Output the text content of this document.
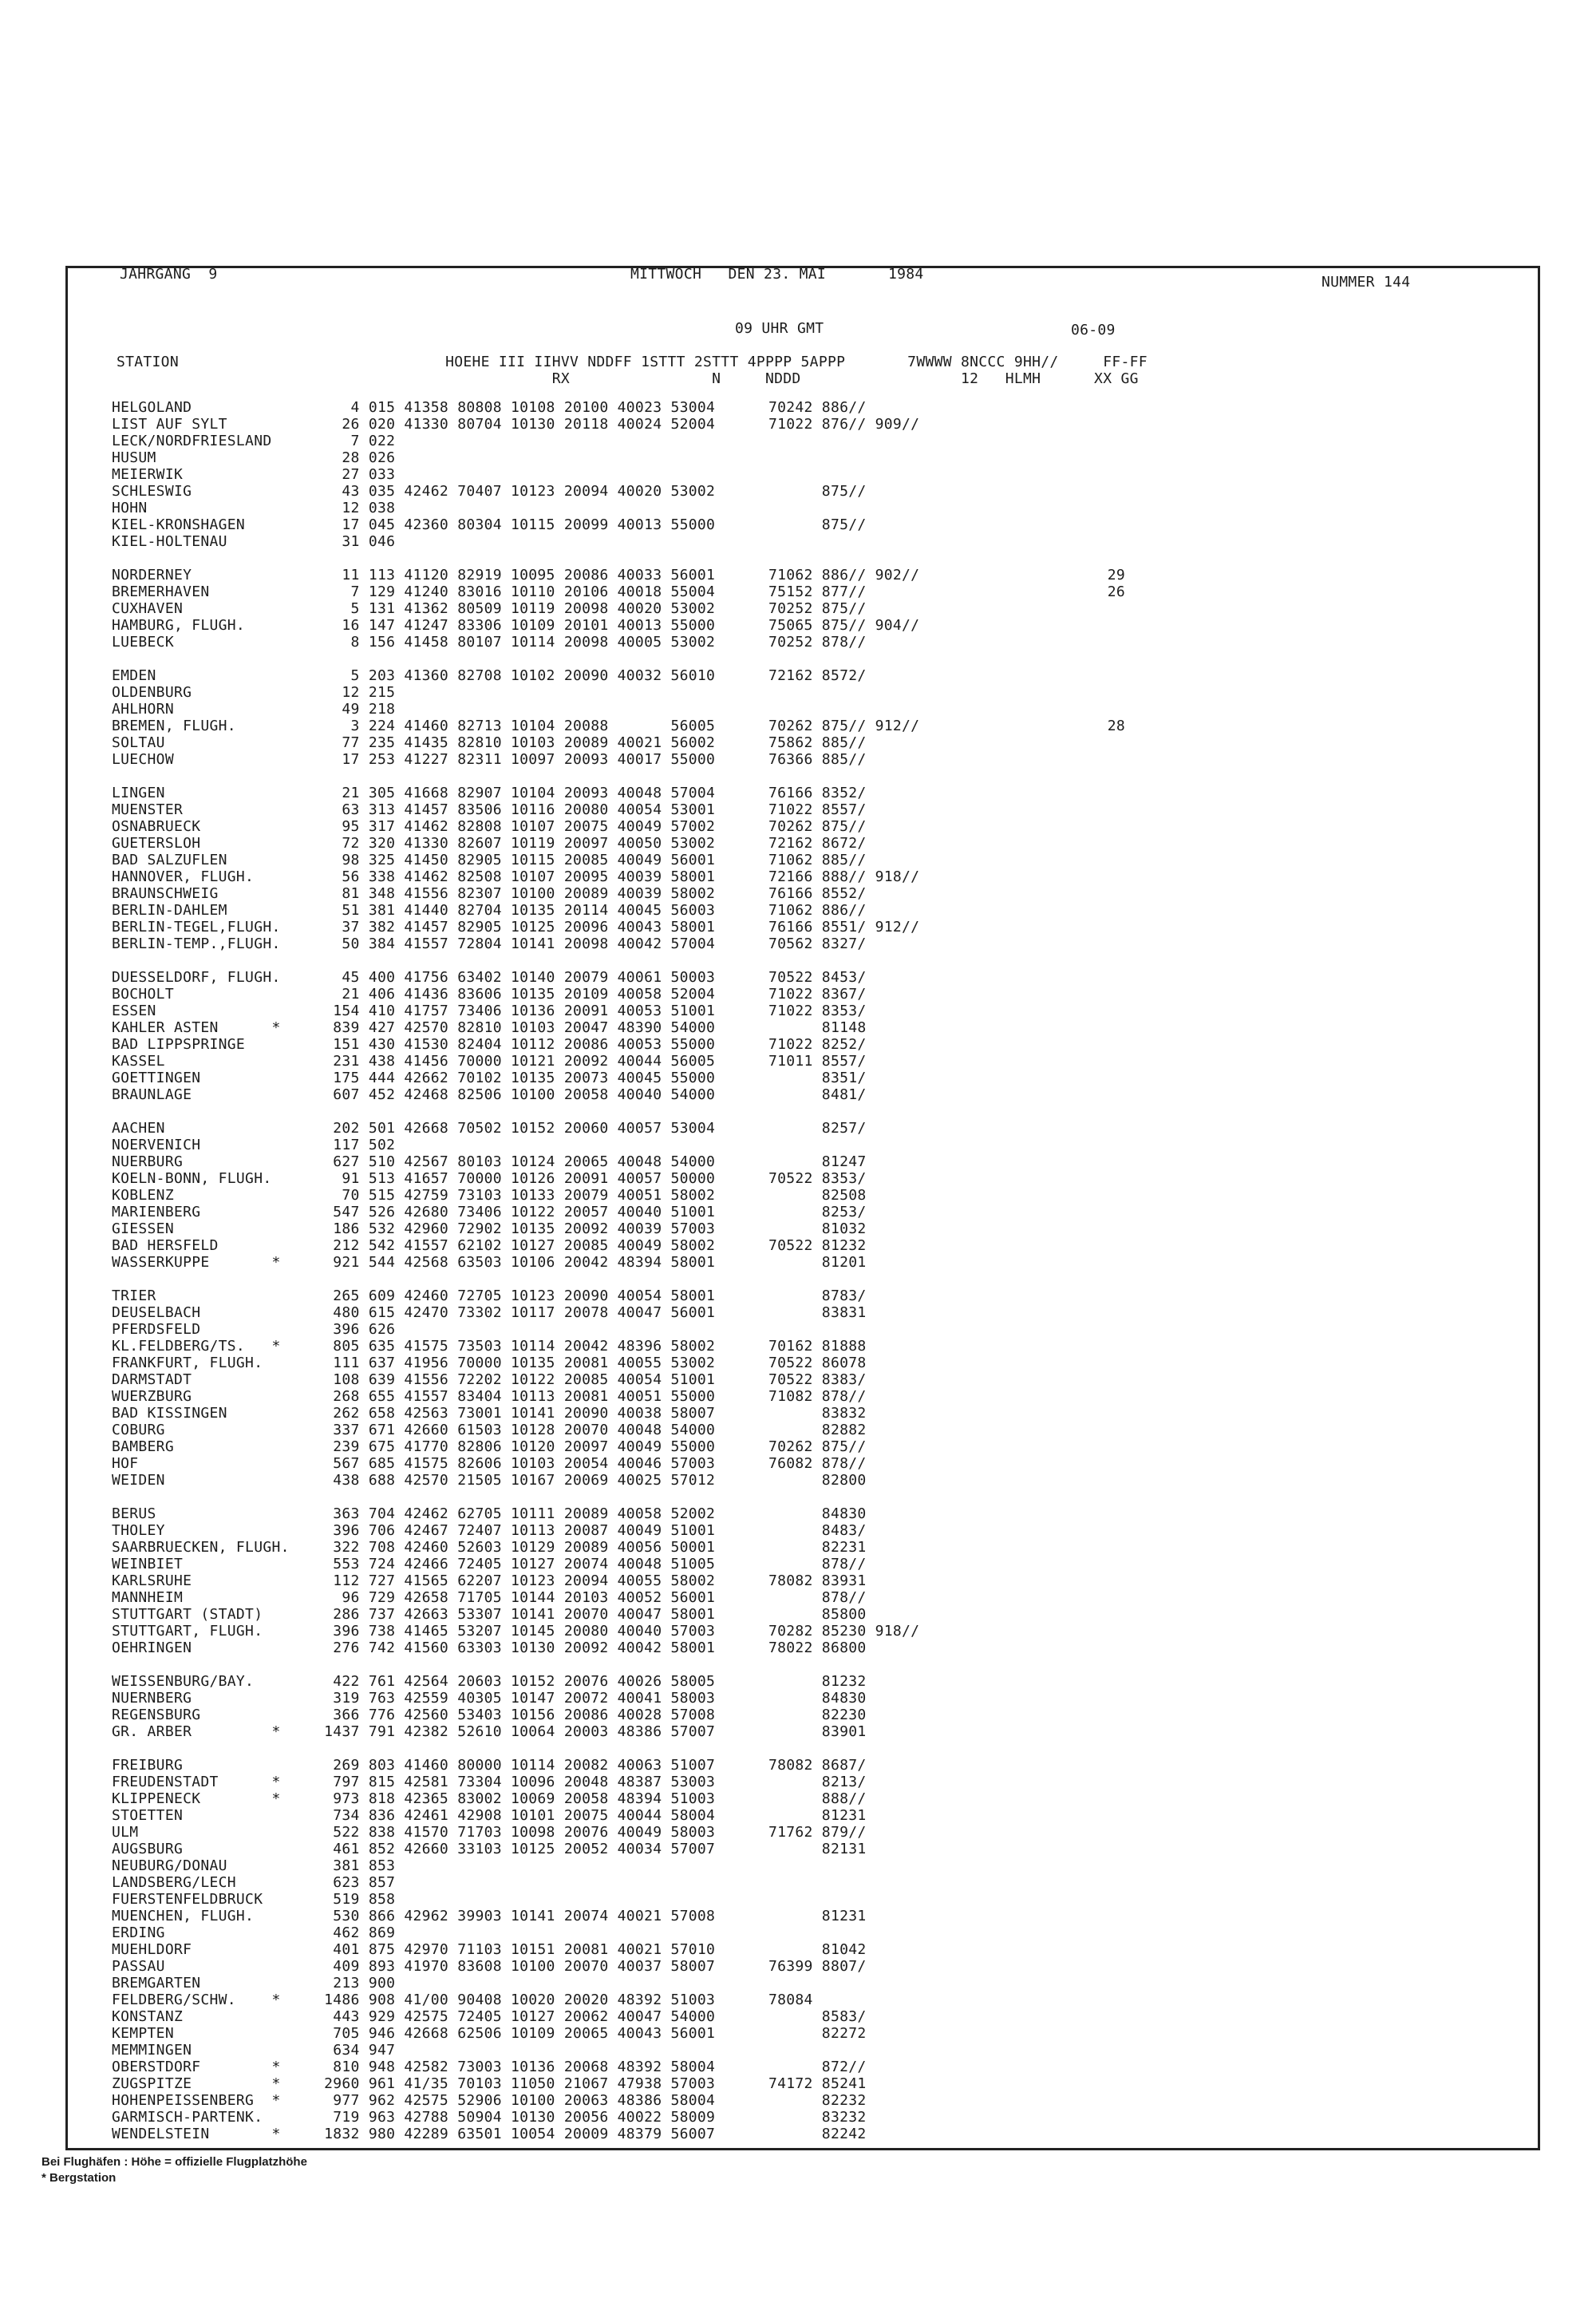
JAHRGANG  9	MITTWOCH   DEN 23. MAI       1984	NUMMER 144
09 UHR GMT	06-09
STATION                              HOEHE III IIHVV NDDFF 1STTT 2STTT 4PPPP 5APPP       7WWWW 8NCCC 9HH//     FF-FF
RX                N     NDDD                  12   HLMH      XX GG
HELGOLAND	4 015 41358 80808 10108 20100 40023 53004      70242 886//
LIST AUF SYLT	26 020 41330 80704 10130 20118 40024 52004      71022 876// 909//
LECK/NORDFRIESLAND	7 022
HUSUM	28 026
MEIERWIK	27 033
SCHLESWIG	43 035 42462 70407 10123 20094 40020 53002            875//
HOHN	12 038
KIEL-KRONSHAGEN	17 045 42360 80304 10115 20099 40013 55000            875//
KIEL-HOLTENAU	31 046
NORDERNEY	11 113 41120 82919 10095 20086 40033 56001      71062 886// 902//	29
BREMERHAVEN	7 129 41240 83016 10110 20106 40018 55004      75152 877//	26
CUXHAVEN	5 131 41362 80509 10119 20098 40020 53002      70252 875//
HAMBURG, FLUGH.	16 147 41247 83306 10109 20101 40013 55000      75065 875// 904//
LUEBECK	8 156 41458 80107 10114 20098 40005 53002      70252 878//
EMDEN	5 203 41360 82708 10102 20090 40032 56010      72162 8572/
OLDENBURG	12 215
AHLHORN	49 218
BREMEN, FLUGH.	3 224 41460 82713 10104 20088       56005      70262 875// 912//	28
SOLTAU	77 235 41435 82810 10103 20089 40021 56002      75862 885//
LUECHOW	17 253 41227 82311 10097 20093 40017 55000      76366 885//
LINGEN	21 305 41668 82907 10104 20093 40048 57004      76166 8352/
MUENSTER	63 313 41457 83506 10116 20080 40054 53001      71022 8557/
OSNABRUECK	95 317 41462 82808 10107 20075 40049 57002      70262 875//
GUETERSLOH	72 320 41330 82607 10119 20097 40050 53002      72162 8672/
BAD SALZUFLEN	98 325 41450 82905 10115 20085 40049 56001      71062 885//
HANNOVER, FLUGH.	56 338 41462 82508 10107 20095 40039 58001      72166 888// 918//
BRAUNSCHWEIG	81 348 41556 82307 10100 20089 40039 58002      76166 8552/
BERLIN-DAHLEM	51 381 41440 82704 10135 20114 40045 56003      71062 886//
BERLIN-TEGEL,FLUGH. 37 382 41457 82905 10125 20096 40043 58001      76166 8551/ 912//
BERLIN-TEMP.,FLUGH. 50 384 41557 72804 10141 20098 40042 57004      70562 8327/
DUESSELDORF, FLUGH. 45 400 41756 63402 10140 20079 40061 50003      70522 8453/
BOCHOLT	21 406 41436 83606 10135 20109 40058 52004      71022 8367/
ESSEN	154 410 41757 73406 10136 20091 40053 51001      71022 8353/
KAHLER ASTEN      * 839 427 42570 82810 10103 20047 48390 54000            81148
BAD LIPPSPRINGE	151 430 41530 82404 10112 20086 40053 55000      71022 8252/
KASSEL	231 438 41456 70000 10121 20092 40044 56005      71011 8557/
GOETTINGEN	175 444 42662 70102 10135 20073 40045 55000            8351/
BRAUNLAGE	607 452 42468 82506 10100 20058 40040 54000            8481/
AACHEN	202 501 42668 70502 10152 20060 40057 53004            8257/
NOERVENICH	117 502
NUERBURG	627 510 42567 80103 10124 20065 40048 54000            81247
KOELN-BONN, FLUGH.	91 513 41657 70000 10126 20091 40057 50000      70522 8353/
KOBLENZ	70 515 42759 73103 10133 20079 40051 58002            82508
MARIENBERG	547 526 42680 73406 10122 20057 40040 51001            8253/
GIESSEN	186 532 42960 72902 10135 20092 40039 57003            81032
BAD HERSFELD	212 542 41557 62102 10127 20085 40049 58002      70522 81232
WASSERKUPPE       * 921 544 42568 63503 10106 20042 48394 58001            81201
TRIER	265 609 42460 72705 10123 20090 40054 58001            8783/
DEUSELBACH	480 615 42470 73302 10117 20078 40047 56001            83831
PFERDSFELD	396 626
KL.FELDBERG/TS.   * 805 635 41575 73503 10114 20042 48396 58002      70162 81888
FRANKFURT, FLUGH.	111 637 41956 70000 10135 20081 40055 53002      70522 86078
DARMSTADT	108 639 41556 72202 10122 20085 40054 51001      70522 8383/
WUERZBURG	268 655 41557 83404 10113 20081 40051 55000      71082 878//
BAD KISSINGEN	262 658 42563 73001 10141 20090 40038 58007            83832
COBURG	337 671 42660 61503 10128 20070 40048 54000            82882
BAMBERG	239 675 41770 82806 10120 20097 40049 55000      70262 875//
HOF	567 685 41575 82606 10103 20054 40046 57003      76082 878//
WEIDEN	438 688 42570 21505 10167 20069 40025 57012            82800
BERUS	363 704 42462 62705 10111 20089 40058 52002            84830
THOLEY	396 706 42467 72407 10113 20087 40049 51001            8483/
SAARBRUECKEN, FLUGH. 322 708 42460 52603 10129 20089 40056 50001            82231
WEINBIET	553 724 42466 72405 10127 20074 40048 51005            878//
KARLSRUHE	112 727 41565 62207 10123 20094 40055 58002      78082 83931
MANNHEIM	96 729 42658 71705 10144 20103 40052 56001            878//
STUTTGART (STADT)	286 737 42663 53307 10141 20070 40047 58001            85800
STUTTGART, FLUGH.	396 738 41465 53207 10145 20080 40040 57003      70282 85230 918//
OEHRINGEN	276 742 41560 63303 10130 20092 40042 58001      78022 86800
WEISSENBURG/BAY.	422 761 42564 20603 10152 20076 40026 58005            81232
NUERNBERG	319 763 42559 40305 10147 20072 40041 58003            84830
REGENSBURG	366 776 42560 53403 10156 20086 40028 57008            82230
GR. ARBER         * 1437 791 42382 52610 10064 20003 48386 57007            83901
FREIBURG	269 803 41460 80000 10114 20082 40063 51007      78082 8687/
FREUDENSTADT      * 797 815 42581 73304 10096 20048 48387 53003            8213/
KLIPPENECK        * 973 818 42365 83002 10069 20058 48394 51003            888//
STOETTEN	734 836 42461 42908 10101 20075 40044 58004            81231
ULM	522 838 41570 71703 10098 20076 40049 58003      71762 879//
AUGSBURG	461 852 42660 33103 10125 20052 40034 57007            82131
NEUBURG/DONAU	381 853
LANDSBERG/LECH	623 857
FUERSTENFELDBRUCK	519 858
MUENCHEN, FLUGH.	530 866 42962 39903 10141 20074 40021 57008            81231
ERDING	462 869
MUEHLDORF	401 875 42970 71103 10151 20081 40021 57010            81042
PASSAU	409 893 41970 83608 10100 20070 40037 58007      76399 8807/
BREMGARTEN	213 900
FELDBERG/SCHW.    * 1486 908 41/00 90408 10020 20020 48392 51003      78084
KONSTANZ	443 929 42575 72405 10127 20062 40047 54000            8583/
KEMPTEN	705 946 42668 62506 10109 20065 40043 56001            82272
MEMMINGEN	634 947
OBERSTDORF        * 810 948 42582 73003 10136 20068 48392 58004            872//
ZUGSPITZE         * 2960 961 41/35 70103 11050 21067 47938 57003      74172 85241
HOHENPEISSENBERG  * 977 962 42575 52906 10100 20063 48386 58004            82232
GARMISCH-PARTENK.	719 963 42788 50904 10130 20056 40022 58009            83232
WENDELSTEIN       * 1832 980 42289 63501 10054 20009 48379 56007            82242
Bei Flughäfen : Höhe = offizielle Flugplatzhöhe
* Bergstation
